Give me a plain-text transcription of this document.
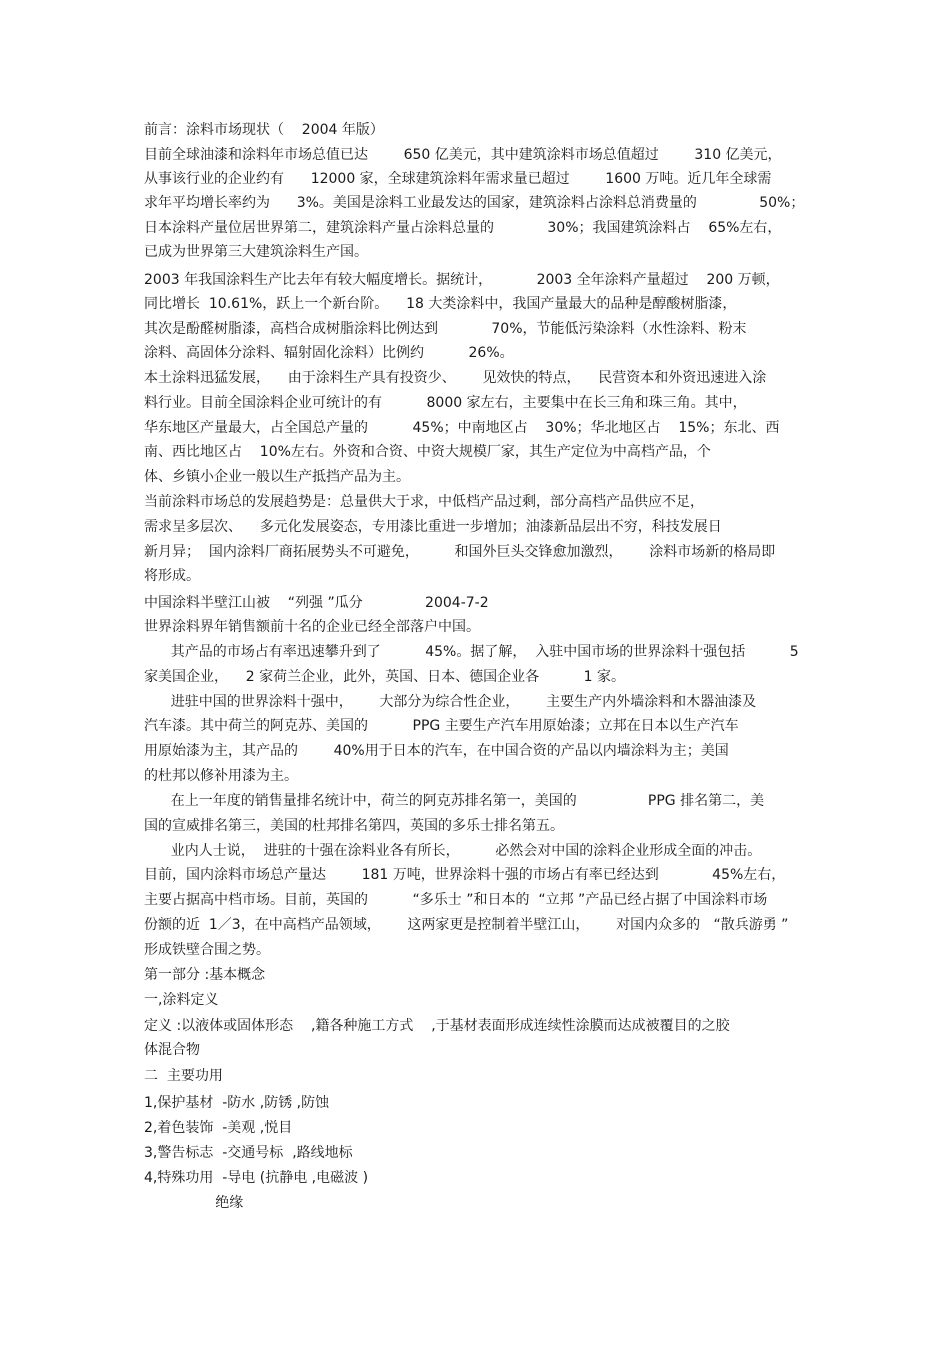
前言：涂料市场现状（    2004 年版）
目前全球油漆和涂料年市场总值已达        650 亿美元，其中建筑涂料市场总值超过        310 亿美元，
从事该行业的企业约有      12000 家，全球建筑涂料年需求量已超过        1600 万吨。近几年全球需
求年平均增长率约为      3%。美国是涂料工业最发达的国家，建筑涂料占涂料总消费量的              50%；
日本涂料产量位居世界第二，建筑涂料产量占涂料总量的            30%；我国建筑涂料占    65%左右，
已成为世界第三大建筑涂料生产国。
2003 年我国涂料生产比去年有较大幅度增长。据统计，          2003 全年涂料产量超过    200 万顿，
同比增长  10.61%，跃上一个新台阶。    18 大类涂料中，我国产量最大的品种是醇酸树脂漆，
其次是酚醛树脂漆，高档合成树脂涂料比例达到            70%，节能低污染涂料（水性涂料、粉末
涂料、高固体分涂料、辐射固化涂料）比例约          26%。
本土涂料迅猛发展，    由于涂料生产具有投资少、      见效快的特点，    民营资本和外资迅速进入涂
料行业。目前全国涂料企业可统计的有          8000 家左右，主要集中在长三角和珠三角。其中，
华东地区产量最大，占全国总产量的          45%；中南地区占    30%；华北地区占    15%；东北、西
南、西比地区占    10%左右。外资和合资、中资大规模厂家，其生产定位为中高档产品，个
体、乡镇小企业一般以生产抵挡产品为主。
当前涂料市场总的发展趋势是：总量供大于求，中低档产品过剩，部分高档产品供应不足，
需求呈多层次、    多元化发展姿态，专用漆比重进一步增加；油漆新品层出不穷，科技发展日
新月异；  国内涂料厂商拓展势头不可避免，        和国外巨头交锋愈加激烈，      涂料市场新的格局即
将形成。
中国涂料半壁江山被    “列强 ”瓜分              2004-7-2
世界涂料界年销售额前十名的企业已经全部落户中国。
其产品的市场占有率迅速攀升到了          45%。据了解，  入驻中国市场的世界涂料十强包括          5
家美国企业，    2 家荷兰企业，此外，英国、日本、德国企业各          1 家。
进驻中国的世界涂料十强中，      大部分为综合性企业，      主要生产内外墙涂料和木器油漆及
汽车漆。其中荷兰的阿克苏、美国的          PPG 主要生产汽车用原始漆；立邦在日本以生产汽车
用原始漆为主，其产品的        40%用于日本的汽车，在中国合资的产品以内墙涂料为主；美国
的杜邦以修补用漆为主。
在上一年度的销售量排名统计中，荷兰的阿克苏排名第一，美国的                PPG 排名第二，美
国的宣威排名第三，美国的杜邦排名第四，英国的多乐士排名第五。
业内人士说，  进驻的十强在涂料业各有所长，        必然会对中国的涂料企业形成全面的冲击。
目前，国内涂料市场总产量达        181 万吨，世界涂料十强的市场占有率已经达到            45%左右，
主要占据高中档市场。目前，英国的          “多乐士 ”和日本的  “立邦 ”产品已经占据了中国涂料市场
份额的近  1／3，在中高档产品领域，      这两家更是控制着半壁江山，      对国内众多的   “散兵游勇 ”
形成铁壁合围之势。
第一部分 :基本概念
一,涂料定义
定义 :以液体或固体形态    ,籍各种施工方式    ,于基材表面形成连续性涂膜而达成被覆目的之胶
体混合物
二  主要功用
1,保护基材  -防水 ,防锈 ,防蚀
2,着色装饰  -美观 ,悦目
3,警告标志  -交通号标  ,路线地标
4,特殊功用  -导电 (抗静电 ,电磁波 )
绝缘
